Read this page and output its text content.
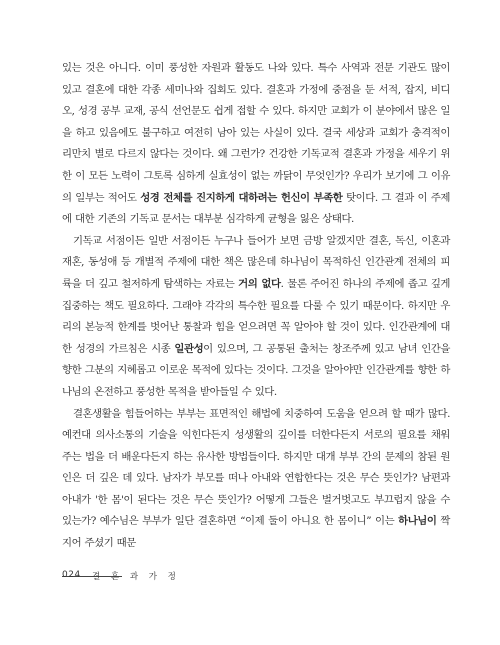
있는 것은 아니다. 이미 풍성한 자원과 활동도 나와 있다. 특수 사역과 전문 기관도 많이 있고 결혼에 대한 각종 세미나와 집회도 있다. 결혼과 가정에 중점을 둔 서적, 잡지, 비디오, 성경 공부 교재, 공식 선언문도 쉽게 접할 수 있다. 하지만 교회가 이 분야에서 많은 일을 하고 있음에도 불구하고 여전히 남아 있는 사실이 있다. 결국 세상과 교회가 충격적이리만치 별로 다르지 않다는 것이다. 왜 그런가? 건강한 기독교적 결혼과 가정을 세우기 위한 이 모든 노력이 그토록 심하게 실효성이 없는 까닭이 무엇인가? 우리가 보기에 그 이유의 일부는 적어도 성경 전체를 진지하게 대하려는 헌신이 부족한 탓이다. 그 결과 이 주제에 대한 기존의 기독교 문서는 대부분 심각하게 균형을 잃은 상태다.

기독교 서점이든 일반 서점이든 누구나 들어가 보면 금방 알겠지만 결혼, 독신, 이혼과 재혼, 동성애 등 개별적 주제에 대한 책은 많은데 하나님이 목적하신 인간관계 전체의 피륙을 더 깊고 철저하게 탐색하는 자료는 거의 없다. 물론 주어진 하나의 주제에 좁고 깊게 집중하는 책도 필요하다. 그래야 각각의 특수한 필요를 다룰 수 있기 때문이다. 하지만 우리의 본능적 한계를 벗어난 통찰과 힘을 얻으려면 꼭 알아야 할 것이 있다. 인간관계에 대한 성경의 가르침은 시종 일관성이 있으며, 그 공통된 출처는 창조주께 있고 남녀 인간을 향한 그분의 지혜롭고 이로운 목적에 있다는 것이다. 그것을 알아야만 인간관계를 향한 하나님의 온전하고 풍성한 목적을 받아들일 수 있다.

결혼생활을 힘들어하는 부부는 표면적인 해법에 치중하여 도움을 얻으려 할 때가 많다. 예컨대 의사소통의 기술을 익힌다든지 성생활의 깊이를 더한다든지 서로의 필요를 채워 주는 법을 더 배운다든지 하는 유사한 방법들이다. 하지만 대개 부부 간의 문제의 참된 원인은 더 깊은 데 있다. 남자가 부모를 떠나 아내와 연합한다는 것은 무슨 뜻인가? 남편과 아내가 '한 몸'이 된다는 것은 무슨 뜻인가? 어떻게 그들은 벌거벗고도 부끄럽지 않을 수 있는가? 예수님은 부부가 일단 결혼하면 “이제 둘이 아니요 한 몸이니” 이는 하나님이 짝지어 주셨기 때문

024 결 혼 과 가 정
